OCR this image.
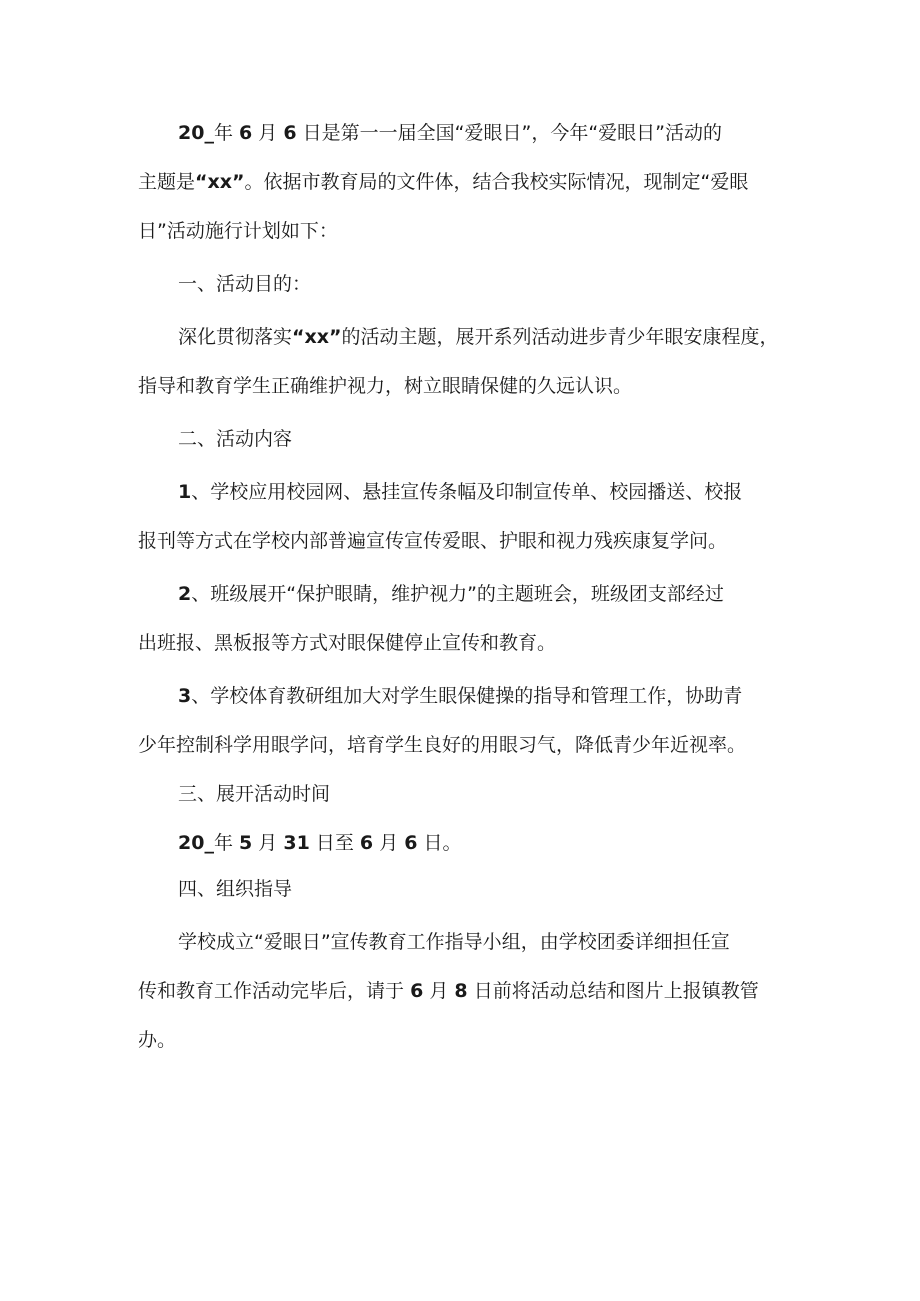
20_年 6 月 6 日是第一一届全国“爱眼日”，今年“爱眼日”活动的
主题是“xx”。依据市教育局的文件体，结合我校实际情况，现制定“爱眼
日”活动施行计划如下：
一、活动目的：
深化贯彻落实“xx”的活动主题，展开系列活动进步青少年眼安康程度，
指导和教育学生正确维护视力，树立眼睛保健的久远认识。
二、活动内容
1、学校应用校园网、悬挂宣传条幅及印制宣传单、校园播送、校报
报刊等方式在学校内部普遍宣传宣传爱眼、护眼和视力残疾康复学问。
2、班级展开“保护眼睛，维护视力”的主题班会，班级团支部经过
出班报、黑板报等方式对眼保健停止宣传和教育。
3、学校体育教研组加大对学生眼保健操的指导和管理工作，协助青
少年控制科学用眼学问，培育学生良好的用眼习气，降低青少年近视率。
三、展开活动时间
20_年 5 月 31 日至 6 月 6 日。
四、组织指导
学校成立“爱眼日”宣传教育工作指导小组，由学校团委详细担任宣
传和教育工作活动完毕后，请于 6 月 8 日前将活动总结和图片上报镇教管
办。
